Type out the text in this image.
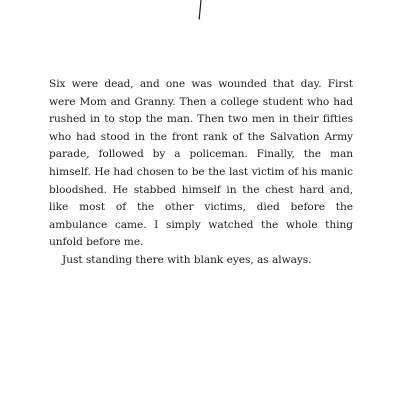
Six were dead, and one was wounded that day. First were Mom and Granny. Then a college student who had rushed in to stop the man. Then two men in their fifties who had stood in the front rank of the Salvation Army parade, followed by a policeman. Finally, the man himself. He had chosen to be the last victim of his manic bloodshed. He stabbed himself in the chest hard and, like most of the other victims, died before the ambulance came. I simply watched the whole thing unfold before me.

Just standing there with blank eyes, as always.
